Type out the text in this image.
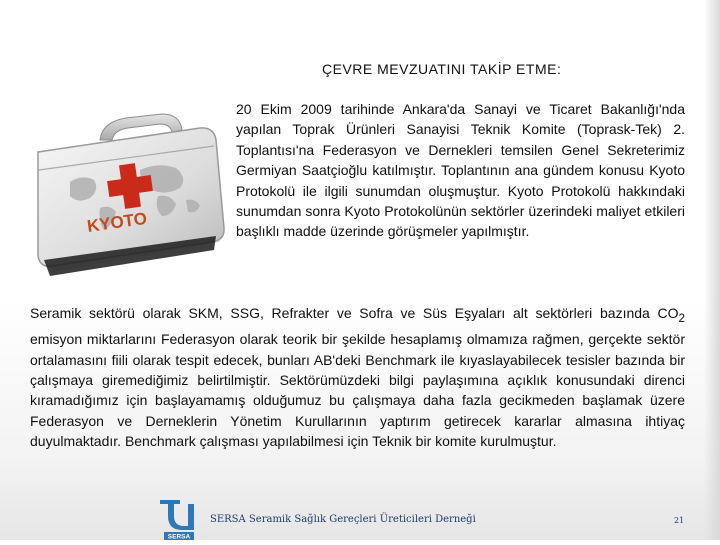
ÇEVRE MEVZUATINI TAKİP ETME:
KYOTO
20 Ekim 2009 tarihinde Ankara'da Sanayi ve Ticaret Bakanlığı'nda yapılan Toprak Ürünleri Sanayisi Teknik Komite (Toprask-Tek) 2. Toplantısı'na Federasyon ve Dernekleri temsilen Genel Sekreterimiz Germiyan Saatçioğlu katılmıştır. Toplantının ana gündem konusu Kyoto Protokolü ile ilgili sunumdan oluşmuştur. Kyoto Protokolü hakkındaki sunumdan sonra Kyoto Protokolünün sektörler üzerindeki maliyet etkileri başlıklı madde üzerinde görüşmeler yapılmıştır.
Seramik sektörü olarak SKM, SSG, Refrakter ve Sofra ve Süs Eşyaları alt sektörleri bazında $CO_2$ emisyon miktarlarını Federasyon olarak teorik bir şekilde hesaplamış olmamıza rağmen, gerçekte sektör ortalamasını fiili olarak tespit edecek, bunları AB'deki Benchmark ile kıyaslayabilecek tesisler bazında bir çalışmaya giremediğimiz belirtilmiştir. Sektörümüzdeki bilgi paylaşımına açıklık konusundaki direnci kıramadığımız için başlayamamış olduğumuz bu çalışmaya daha fazla gecikmeden başlamak üzere Federasyon ve Derneklerin Yönetim Kurullarının yaptırım getirecek kararlar almasına ihtiyaç duyulmaktadır. Benchmark çalışması yapılabilmesi için Teknik bir komite kurulmuştur.
SERSA
SERSA Seramik Sağlık Gereçleri Üreticileri Derneği	21
